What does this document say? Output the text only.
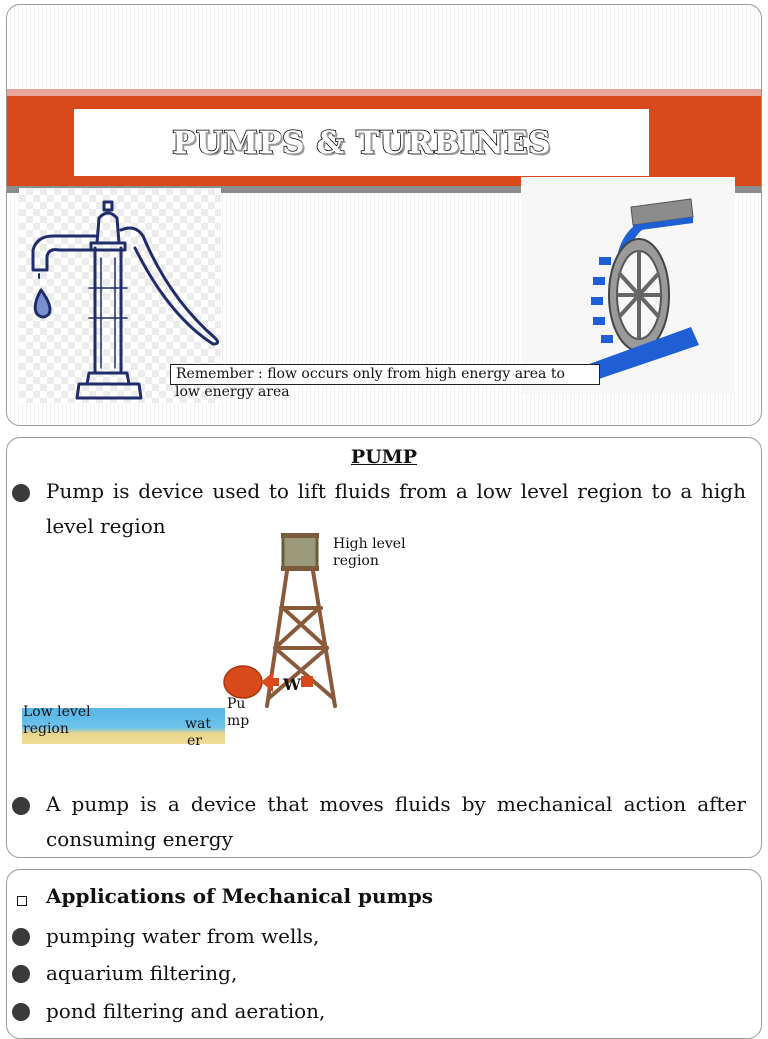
PUMPS & TURBINES
Remember : flow occurs only from high energy area to
low energy area
PUMP
Pump is device used to lift fluids from a low level region to a high level region
High level
region
W
Pu
mp
Low level
region	wat
er
A pump is a device that moves fluids by mechanical action after consuming energy
Applications of Mechanical pumps
pumping water from wells,
aquarium filtering,
pond filtering and aeration,
